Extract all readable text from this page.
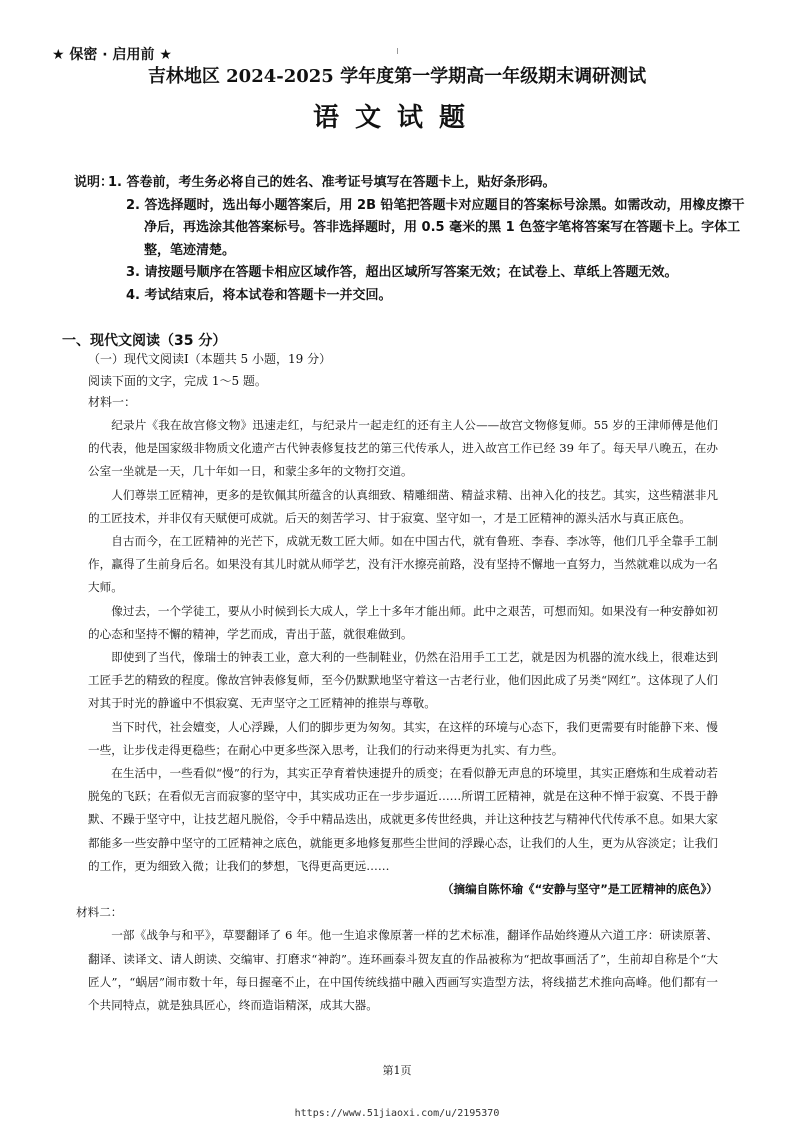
★ 保密 · 启用前 ★
吉林地区 2024-2025 学年度第一学期高一年级期末调研测试
语文试题
说明：
1. 答卷前，考生务必将自己的姓名、准考证号填写在答题卡上，贴好条形码。
2. 答选择题时，选出每小题答案后，用 2B 铅笔把答题卡对应题目的答案标号涂黑。如需改动，用橡皮擦干净后，再选涂其他答案标号。答非选择题时，用 0.5 毫米的黑 1 色签字笔将答案写在答题卡上。字体工整，笔迹清楚。
3. 请按题号顺序在答题卡相应区域作答，超出区域所写答案无效；在试卷上、草纸上答题无效。
4. 考试结束后，将本试卷和答题卡一并交回。
一、现代文阅读（35 分）
（一）现代文阅读Ⅰ（本题共 5 小题，19 分）
阅读下面的文字，完成 1～5 题。
材料一：

纪录片《我在故宫修文物》迅速走红，与纪录片一起走红的还有主人公——故宫文物修复师。55 岁的王津师傅是他们的代表，他是国家级非物质文化遗产古代钟表修复技艺的第三代传承人，进入故宫工作已经 39 年了。每天早八晚五，在办公室一坐就是一天，几十年如一日，和蒙尘多年的文物打交道。

人们尊崇工匠精神，更多的是钦佩其所蕴含的认真细致、精雕细凿、精益求精、出神入化的技艺。其实，这些精湛非凡的工匠技术，并非仅有天赋便可成就。后天的刻苦学习、甘于寂寞、坚守如一，才是工匠精神的源头活水与真正底色。

自古而今，在工匠精神的光芒下，成就无数工匠大师。如在中国古代，就有鲁班、李春、李冰等，他们几乎全靠手工制作，赢得了生前身后名。如果没有其儿时就从师学艺，没有汗水擦亮前路，没有坚持不懈地一直努力，当然就难以成为一名大师。

像过去，一个学徒工，要从小时候到长大成人，学上十多年才能出师。此中之艰苦，可想而知。如果没有一种安静如初的心态和坚持不懈的精神，学艺而成，青出于蓝，就很难做到。

即使到了当代，像瑞士的钟表工业，意大利的一些制鞋业，仍然在沿用手工工艺，就是因为机器的流水线上，很难达到工匠手艺的精致的程度。像故宫钟表修复师，至今仍默默地坚守着这一古老行业，他们因此成了另类“网红”。这体现了人们对其于时光的静谧中不惧寂寞、无声坚守之工匠精神的推崇与尊敬。

当下时代，社会嬗变，人心浮躁，人们的脚步更为匆匆。其实，在这样的环境与心态下，我们更需要有时能静下来、慢一些，让步伐走得更稳些；在耐心中更多些深入思考，让我们的行动来得更为扎实、有力些。

在生活中，一些看似“慢”的行为，其实正孕育着快速提升的质变；在看似静无声息的环境里，其实正磨炼和生成着动若脱兔的飞跃；在看似无言而寂寥的坚守中，其实成功正在一步步逼近……所谓工匠精神，就是在这种不惮于寂寞、不畏于静默、不躁于坚守中，让技艺超凡脱俗，令手中精品迭出，成就更多传世经典，并让这种技艺与精神代代传承不息。如果大家都能多一些安静中坚守的工匠精神之底色，就能更多地修复那些尘世间的浮躁心态，让我们的人生，更为从容淡定；让我们的工作，更为细致入微；让我们的梦想，飞得更高更远……

（摘编自陈怀瑜《“安静与坚守”是工匠精神的底色》）

材料二：

一部《战争与和平》，草婴翻译了 6 年。他一生追求像原著一样的艺术标准，翻译作品始终遵从六道工序：研读原著、翻译、读译文、请人朗读、交编审、打磨求“神韵”。连环画泰斗贺友直的作品被称为“把故事画活了”，生前却自称是个“大匠人”，“蜗居”闹市数十年，每日握毫不止，在中国传统线描中融入西画写实造型方法，将线描艺术推向高峰。他们都有一个共同特点，就是独具匠心，终而造诣精深，成其大器。

第1页
https://www.51jiaoxi.com/u/2195370
